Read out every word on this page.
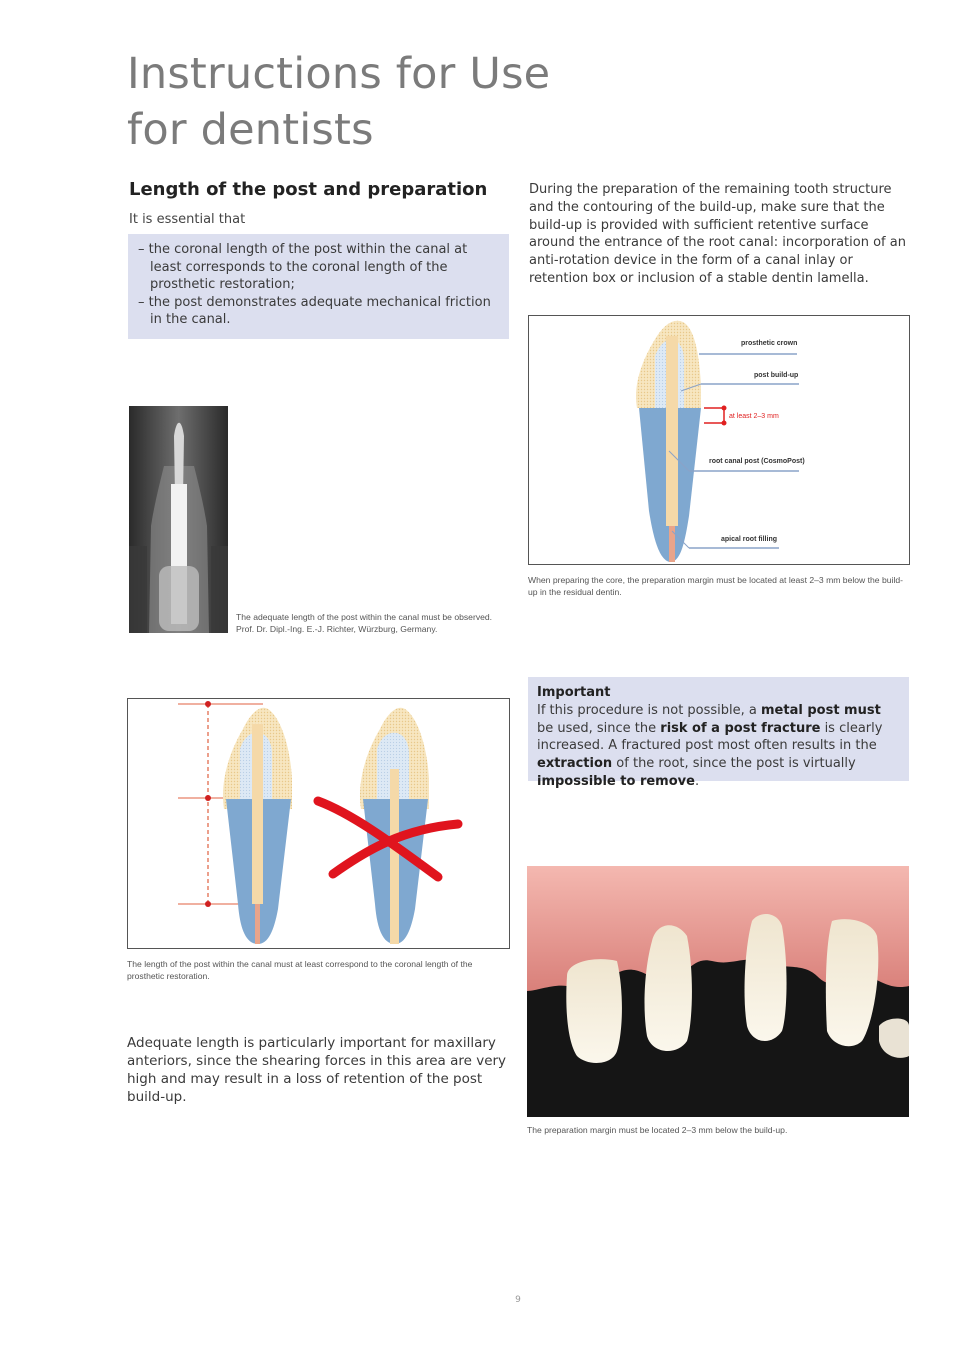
Instructions for Use
for dentists
Length of the post and preparation
It is essential that
– the coronal length of the post within the canal at least corresponds to the coronal length of the prosthetic restoration;
– the post demonstrates adequate mechanical friction in the canal.
During the preparation of the remaining tooth structure and the contouring of the build-up, make sure that the build-up is provided with sufficient retentive surface around the entrance of the root canal: incorporation of an anti-rotation device in the form of a canal inlay or retention box or inclusion of a stable dentin lamella.
prosthetic crown
post build-up
at least 2–3 mm
root canal post (CosmoPost)
apical root filling
When preparing the core, the preparation margin must be located at least 2–3 mm below the build-up in the residual dentin.
The adequate length of the post within the canal must be observed.
Prof. Dr. Dipl.-Ing. E.-J. Richter, Würzburg, Germany.
Important
If this procedure is not possible, a metal post must be used, since the risk of a post fracture is clearly increased. A fractured post most often results in the extraction of the root, since the post is virtually impossible to remove.
The length of the post within the canal must at least correspond to the coronal length of the prosthetic restoration.
Adequate length is particularly important for maxillary anteriors, since the shearing forces in this area are very high and may result in a loss of retention of the post build-up.
The preparation margin must be located 2–3 mm below the build-up.
9
